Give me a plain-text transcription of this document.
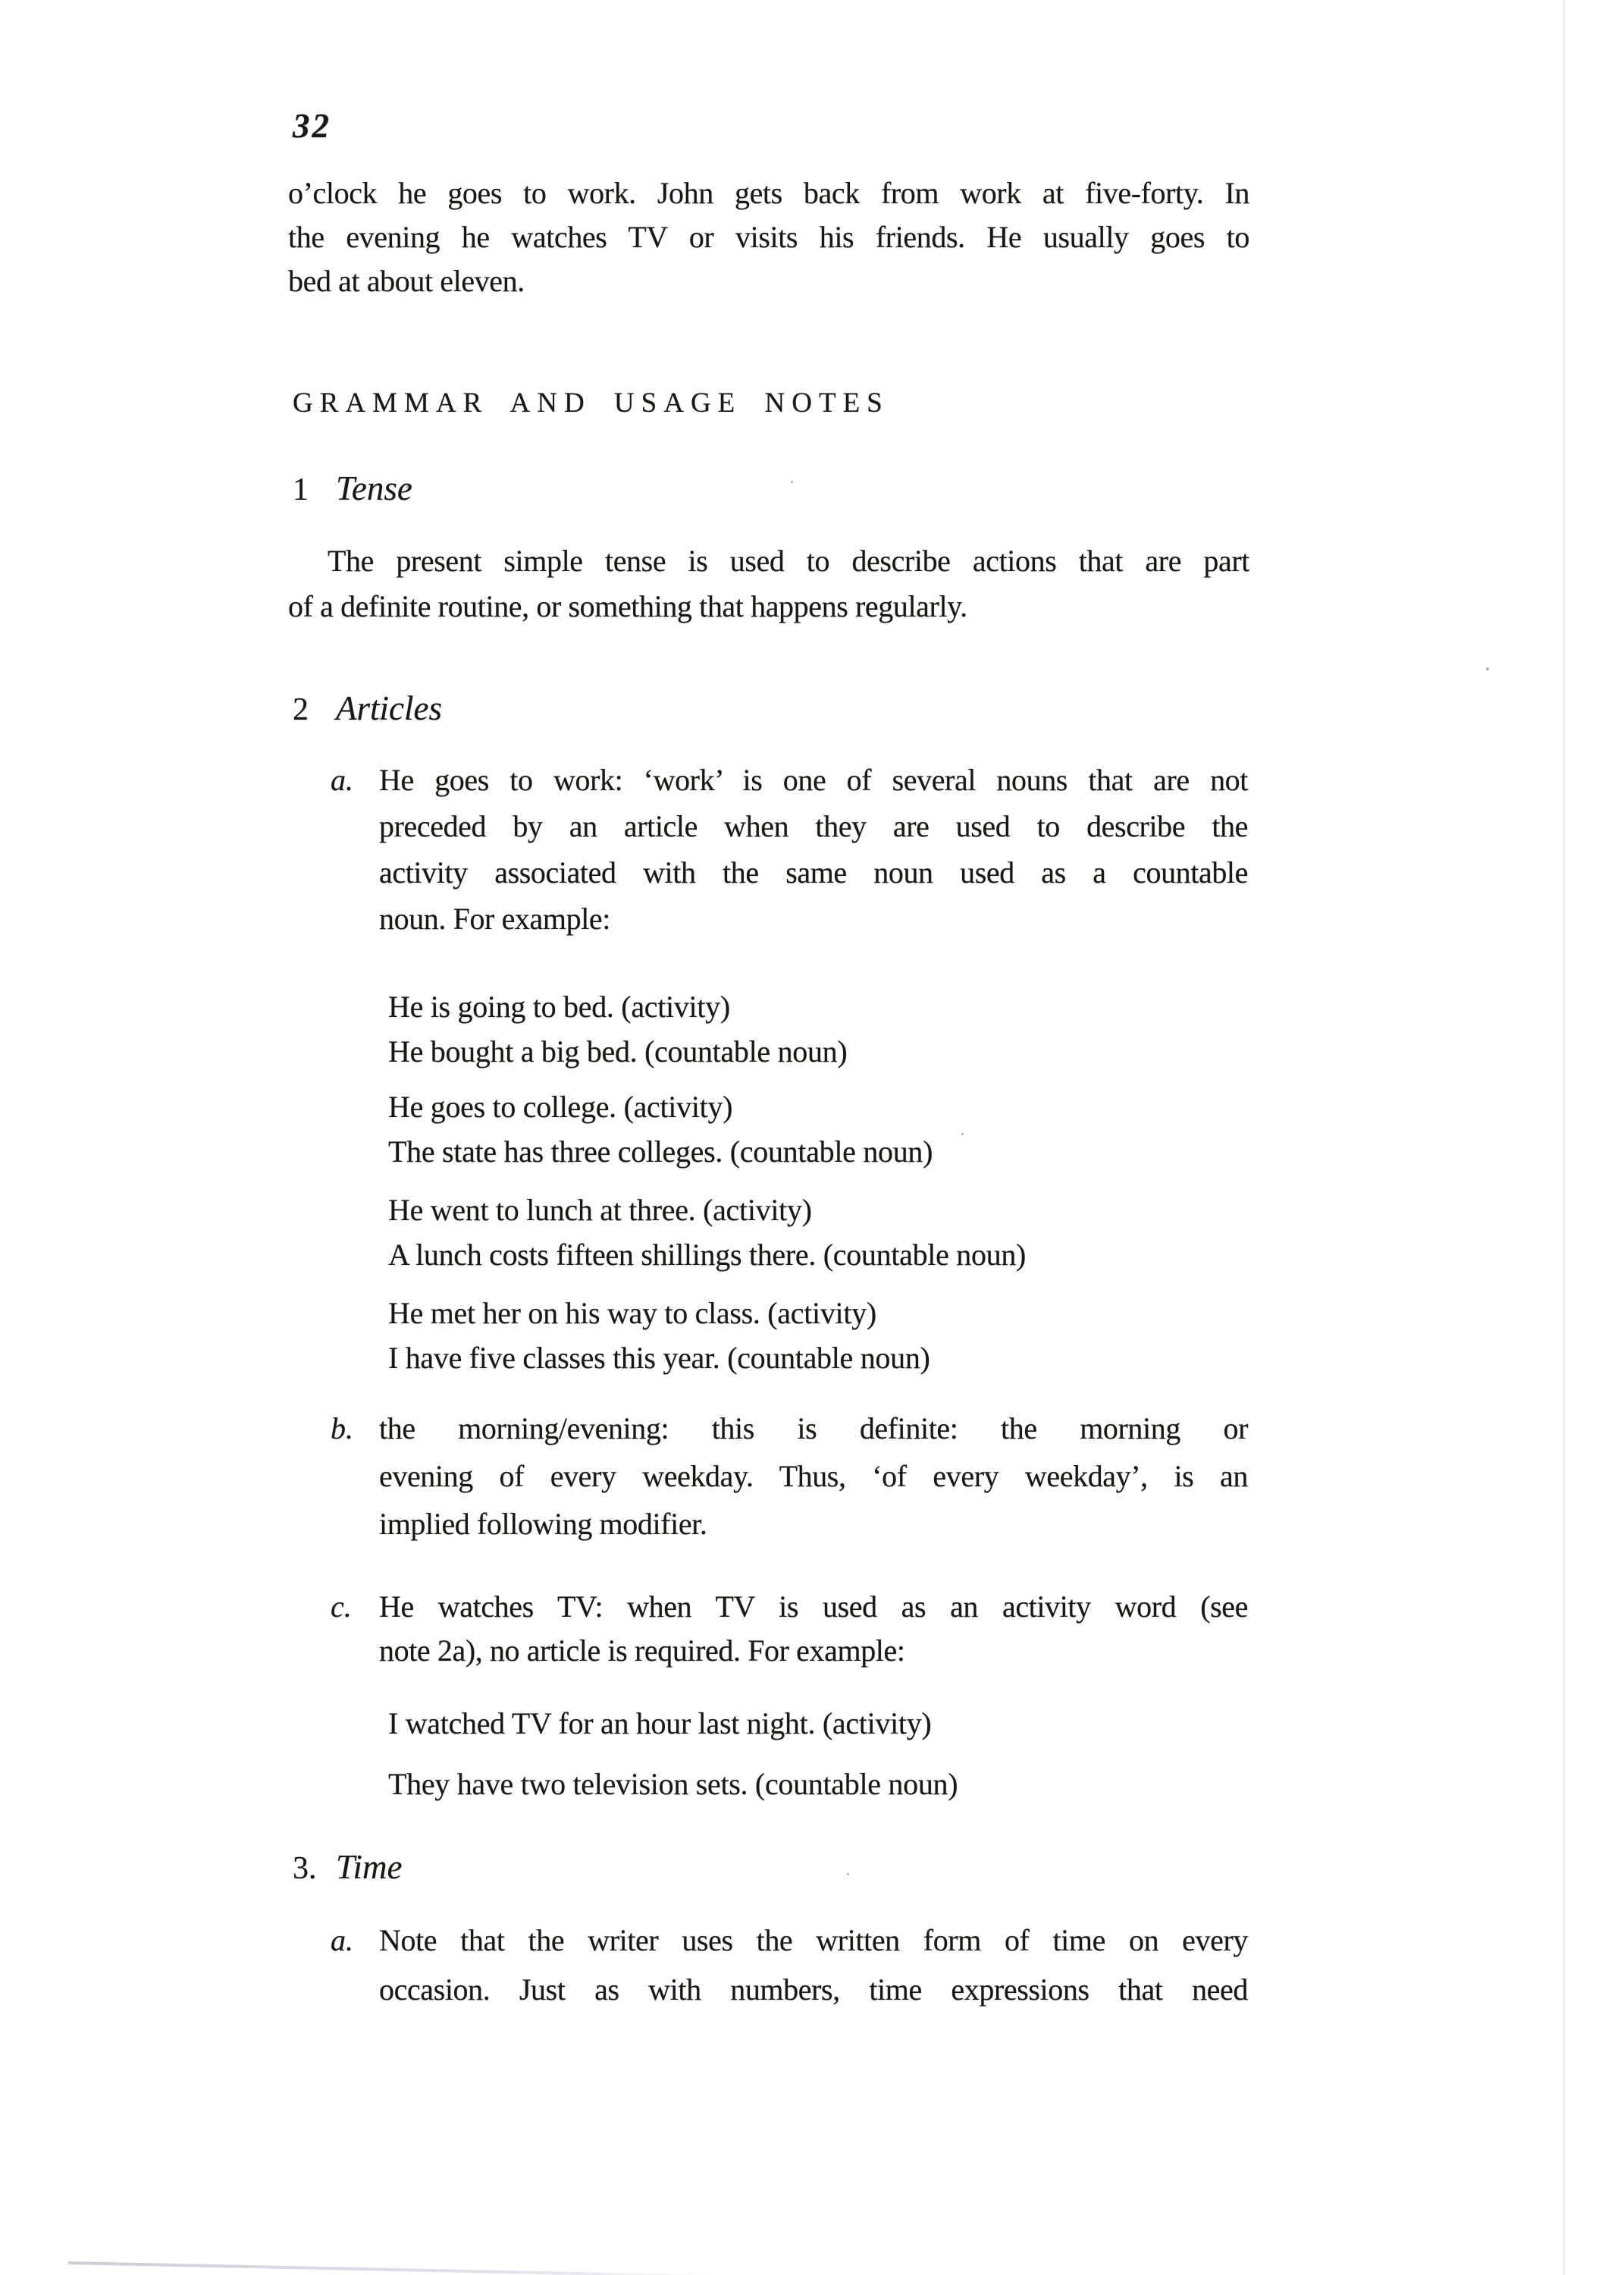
32
o’clock he goes to work. John gets back from work at five-forty. In
the evening he watches TV or visits his friends. He usually goes to
bed at about eleven.
GRAMMAR AND USAGE NOTES
1 Tense
The present simple tense is used to describe actions that are part
of a definite routine, or something that happens regularly.
2 Articles
a. He goes to work: ‘work’ is one of several nouns that are not
preceded by an article when they are used to describe the
activity associated with the same noun used as a countable
noun. For example:
He is going to bed. (activity)
He bought a big bed. (countable noun)
He goes to college. (activity)
The state has three colleges. (countable noun)
He went to lunch at three. (activity)
A lunch costs fifteen shillings there. (countable noun)
He met her on his way to class. (activity)
I have five classes this year. (countable noun)
b. the morning/evening: this is definite: the morning or
evening of every weekday. Thus, ‘of every weekday’, is an
implied following modifier.
c. He watches TV: when TV is used as an activity word (see
note 2a), no article is required. For example:
I watched TV for an hour last night. (activity)
They have two television sets. (countable noun)
3. Time
a. Note that the writer uses the written form of time on every
occasion. Just as with numbers, time expressions that need
